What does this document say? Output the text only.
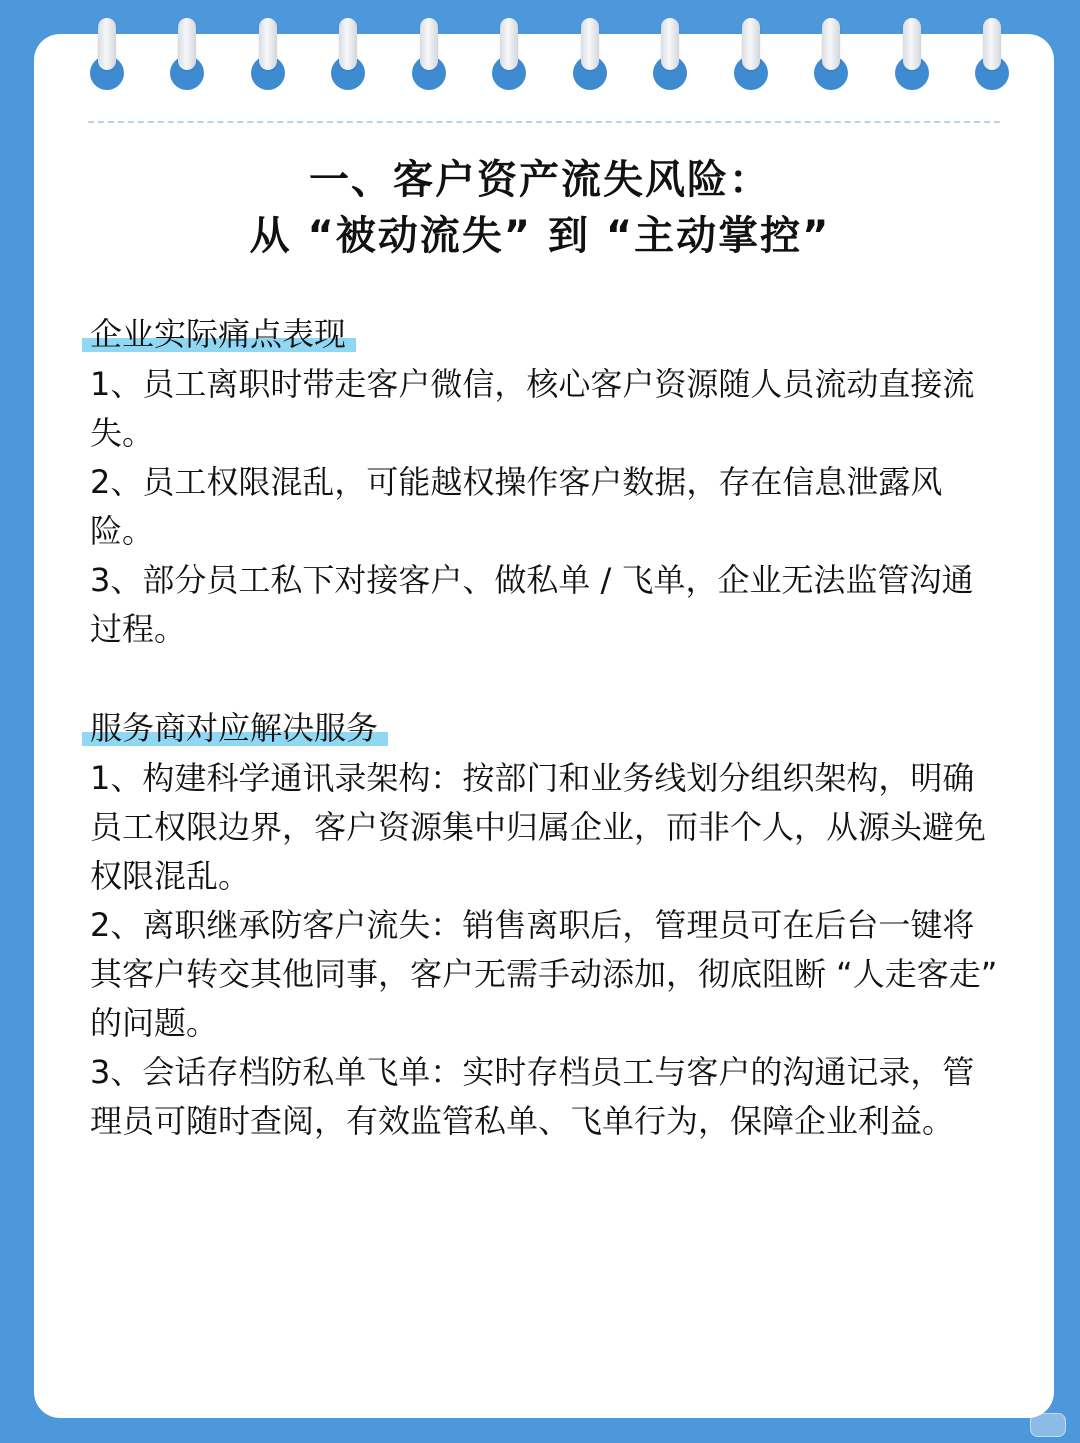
一、客户资产流失风险：
从 “被动流失” 到 “主动掌控”
企业实际痛点表现

1、员工离职时带走客户微信，核心客户资源随人员流动直接流失。

2、员工权限混乱，可能越权操作客户数据，存在信息泄露风险。

3、部分员工私下对接客户、做私单 / 飞单，企业无法监管沟通过程。

服务商对应解决服务

1、构建科学通讯录架构：按部门和业务线划分组织架构，明确员工权限边界，客户资源集中归属企业，而非个人，从源头避免权限混乱。

2、离职继承防客户流失：销售离职后，管理员可在后台一键将其客户转交其他同事，客户无需手动添加，彻底阻断 “人走客走” 的问题。

3、会话存档防私单飞单：实时存档员工与客户的沟通记录，管理员可随时查阅，有效监管私单、飞单行为，保障企业利益。
